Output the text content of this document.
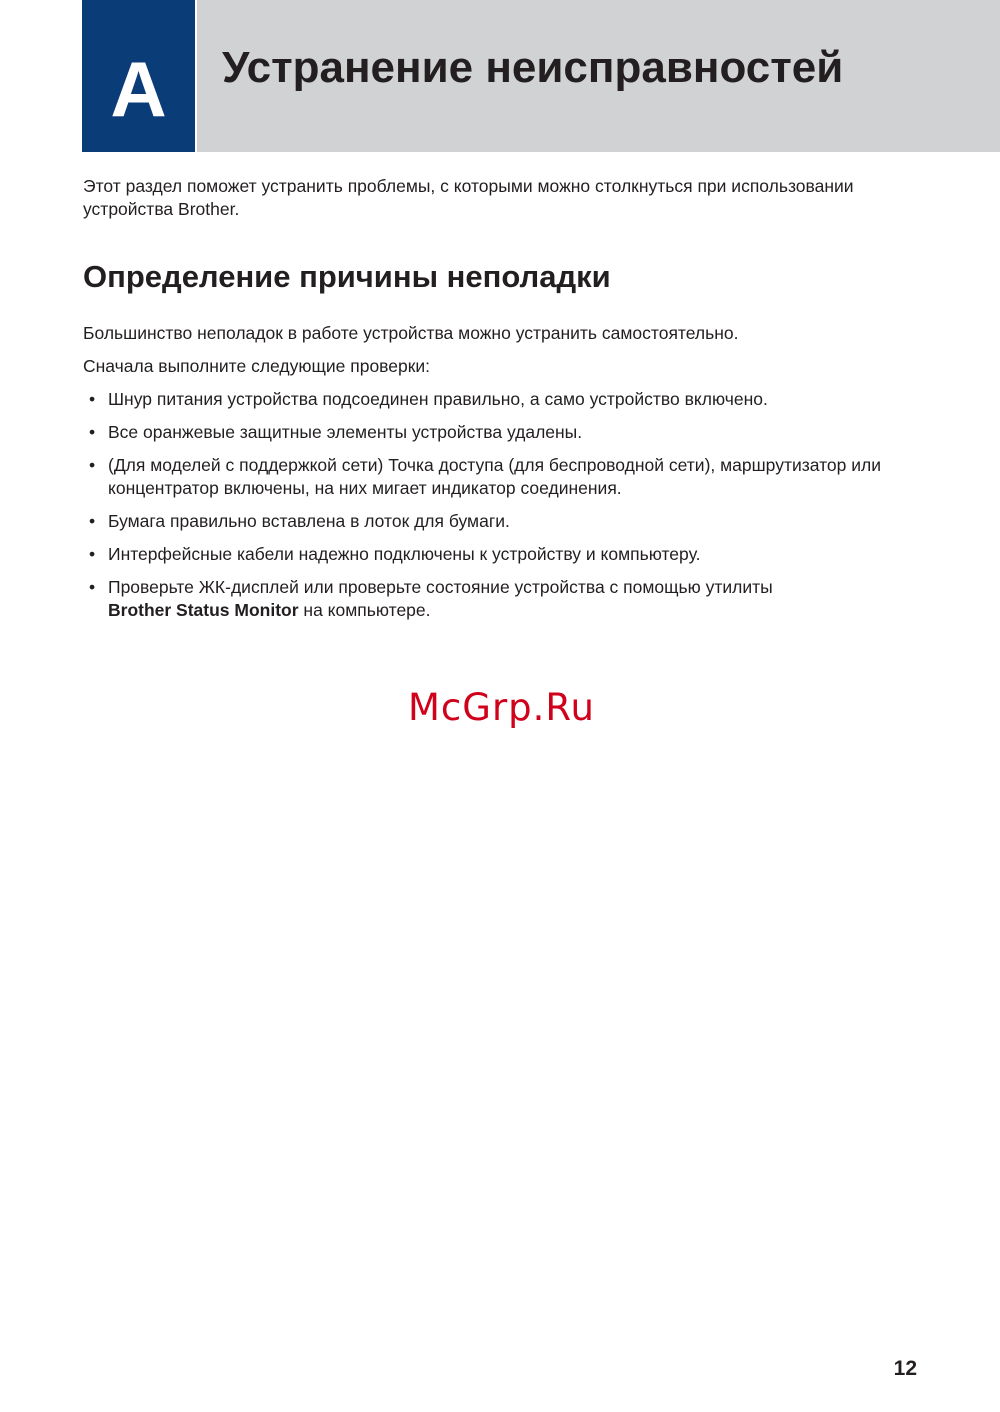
A	Устранение неисправностей

Этот раздел поможет устранить проблемы, с которыми можно столкнуться при использовании устройства Brother.

Определение причины неполадки

Большинство неполадок в работе устройства можно устранить самостоятельно.

Сначала выполните следующие проверки:

• Шнур питания устройства подсоединен правильно, а само устройство включено.
• Все оранжевые защитные элементы устройства удалены.
• (Для моделей с поддержкой сети) Точка доступа (для беспроводной сети), маршрутизатор или концентратор включены, на них мигает индикатор соединения.
• Бумага правильно вставлена в лоток для бумаги.
• Интерфейсные кабели надежно подключены к устройству и компьютеру.
• Проверьте ЖК-дисплей или проверьте состояние устройства с помощью утилиты
Brother Status Monitor на компьютере.
McGrp.Ru
12
